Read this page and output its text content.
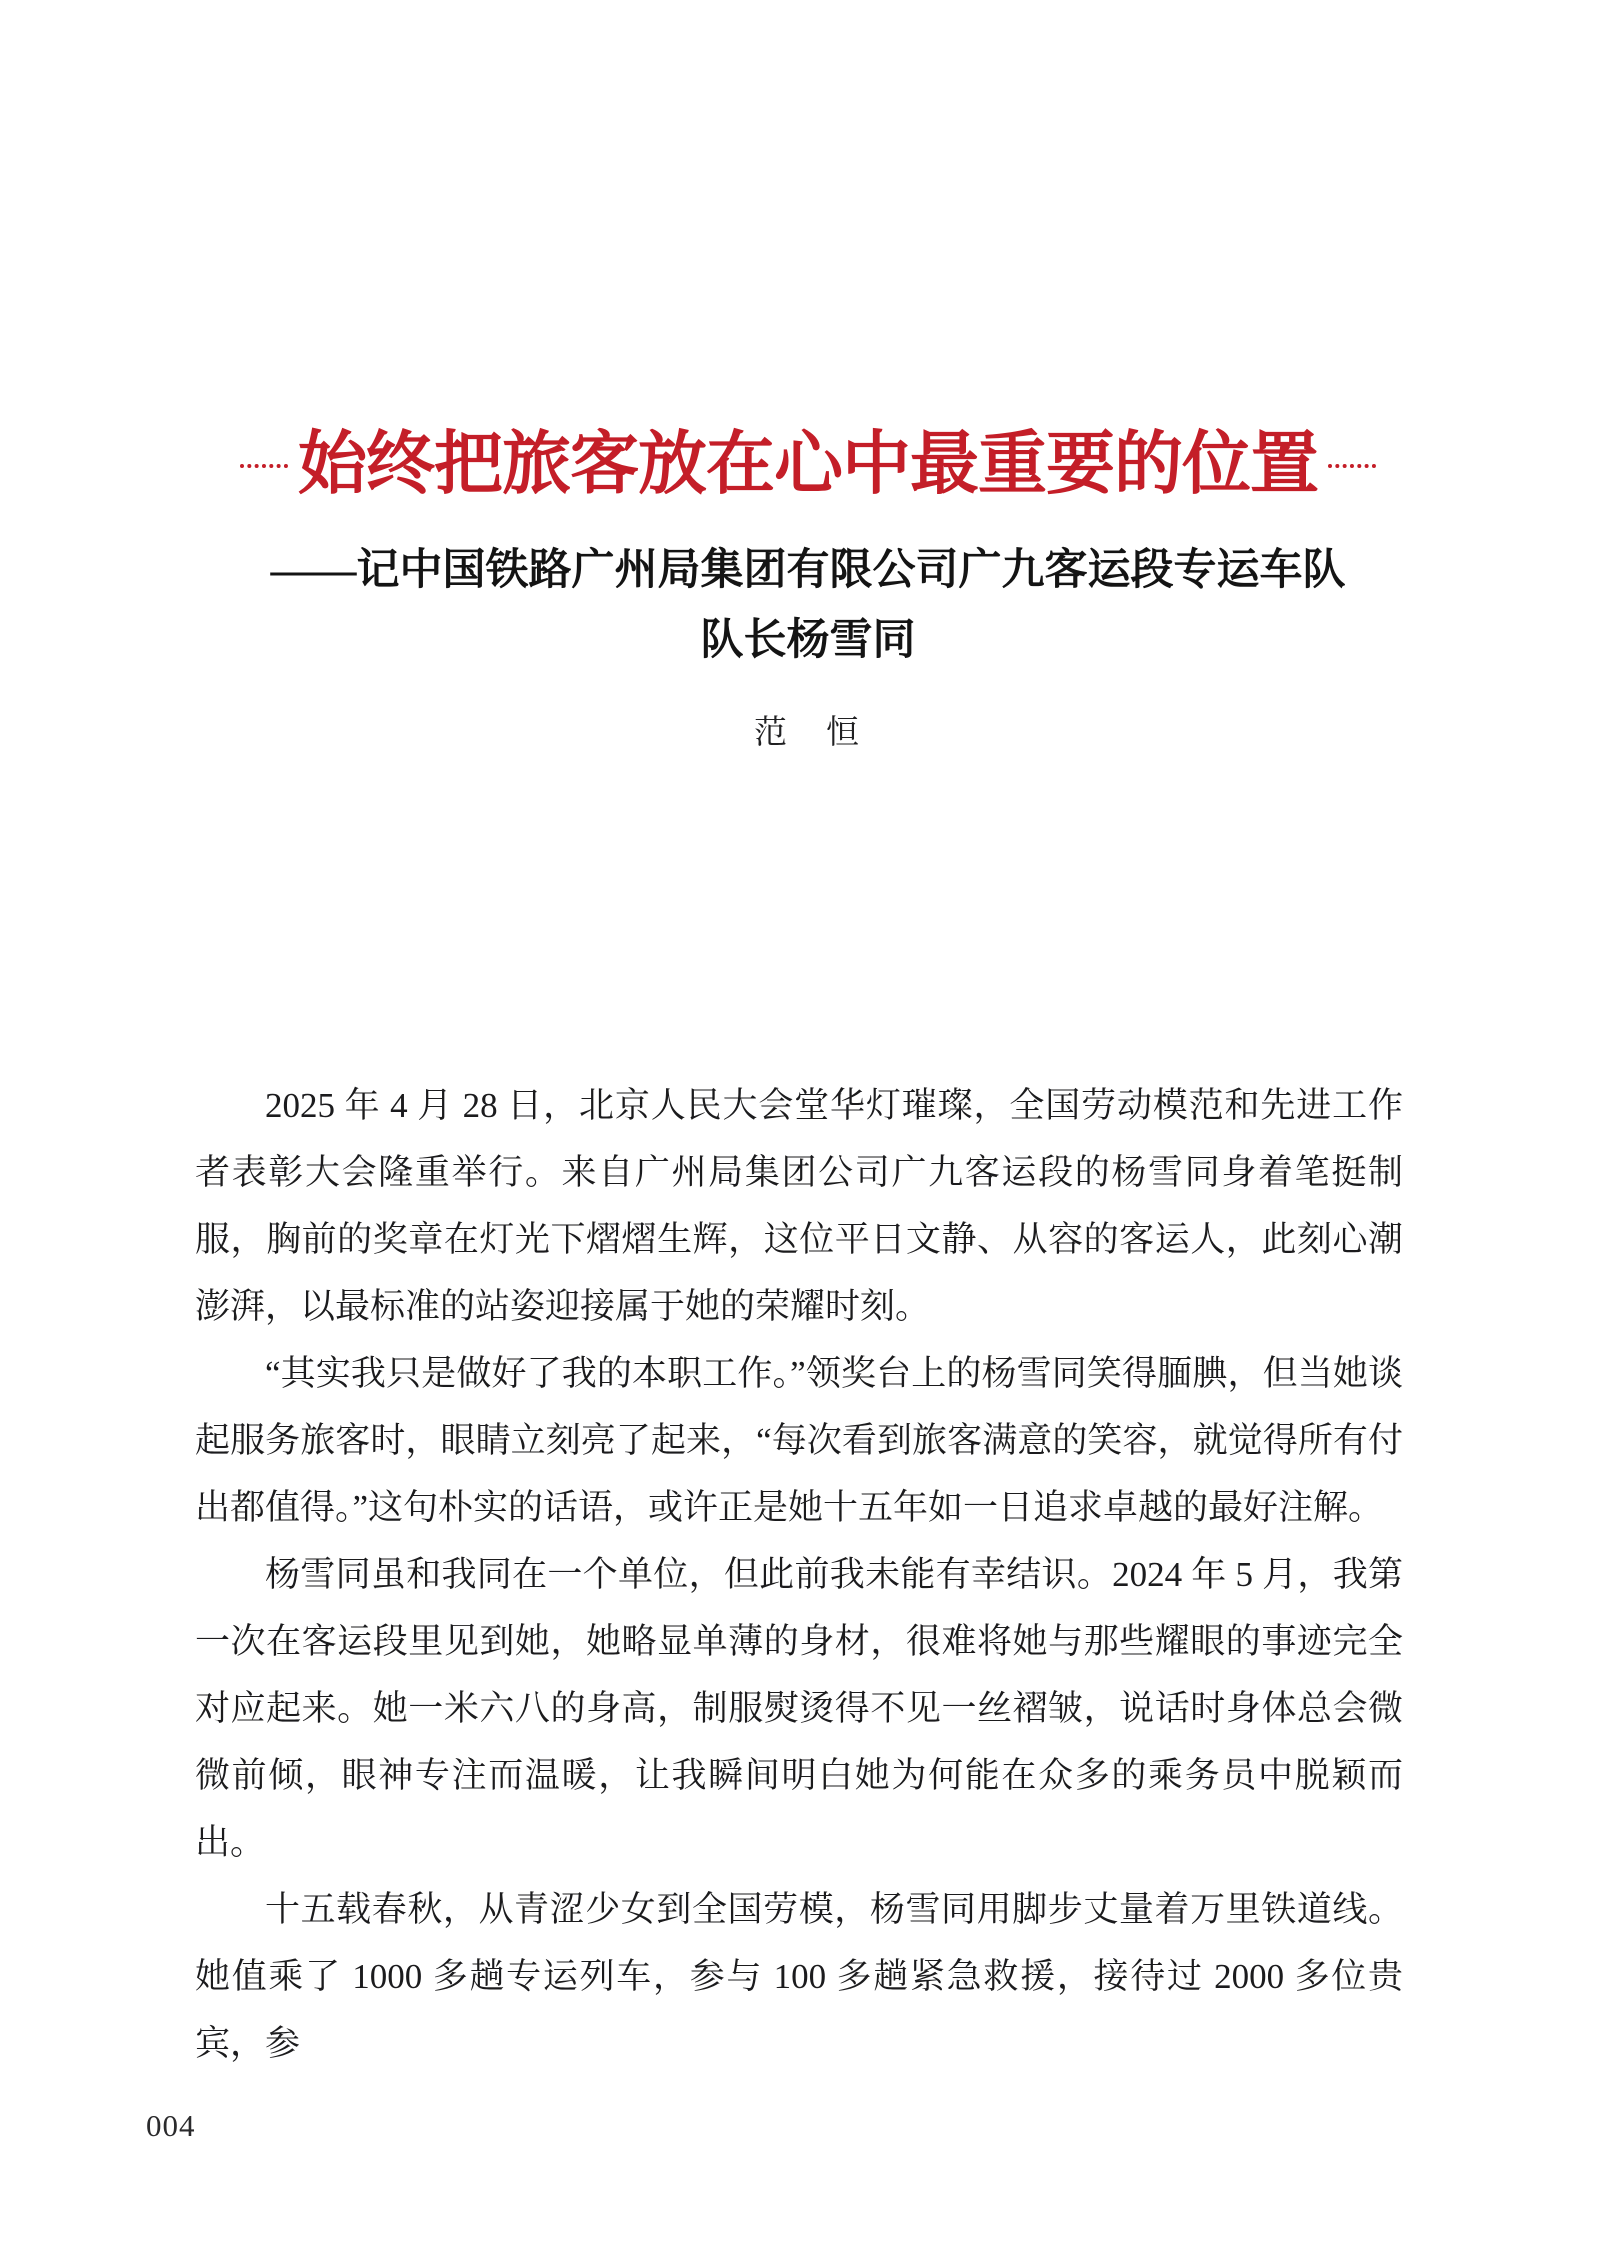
始终把旅客放在心中最重要的位置
——记中国铁路广州局集团有限公司广九客运段专运车队
队长杨雪同
范　恒

2025 年 4 月 28 日，北京人民大会堂华灯璀璨，全国劳动模范和先进工作者表彰大会隆重举行。来自广州局集团公司广九客运段的杨雪同身着笔挺制服，胸前的奖章在灯光下熠熠生辉，这位平日文静、从容的客运人，此刻心潮澎湃，以最标准的站姿迎接属于她的荣耀时刻。

“其实我只是做好了我的本职工作。”领奖台上的杨雪同笑得腼腆，但当她谈起服务旅客时，眼睛立刻亮了起来，“每次看到旅客满意的笑容，就觉得所有付出都值得。”这句朴实的话语，或许正是她十五年如一日追求卓越的最好注解。

杨雪同虽和我同在一个单位，但此前我未能有幸结识。2024 年 5 月，我第一次在客运段里见到她，她略显单薄的身材，很难将她与那些耀眼的事迹完全对应起来。她一米六八的身高，制服熨烫得不见一丝褶皱，说话时身体总会微微前倾，眼神专注而温暖，让我瞬间明白她为何能在众多的乘务员中脱颖而出。

十五载春秋，从青涩少女到全国劳模，杨雪同用脚步丈量着万里铁道线。她值乘了 1000 多趟专运列车，参与 100 多趟紧急救援，接待过 2000 多位贵宾，参

004
